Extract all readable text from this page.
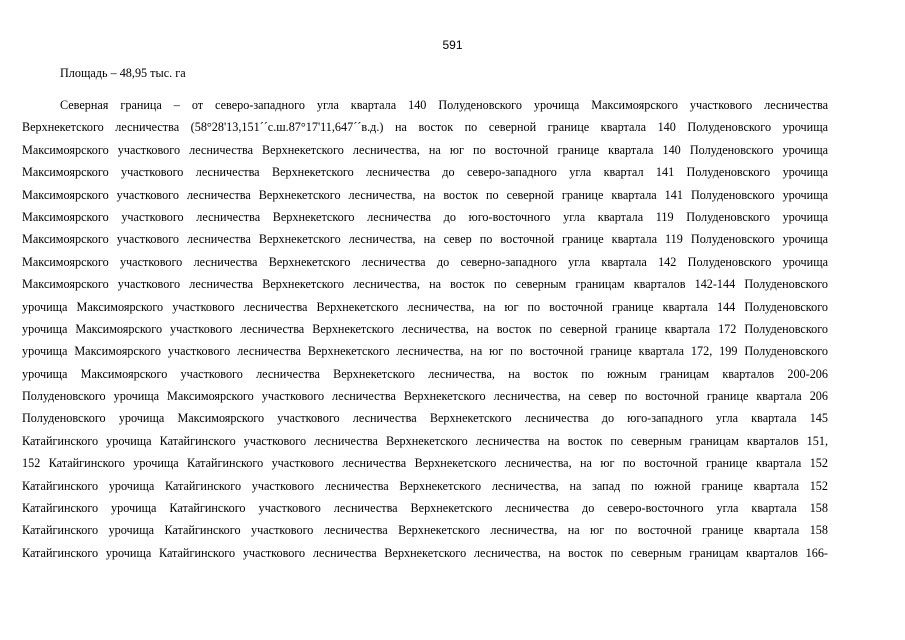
591
Площадь – 48,95 тыс. га
Северная граница – от северо-западного угла квартала 140 Полуденовского урочища Максимоярского участкового лесничества
Верхнекетского лесничества (58°28'13,151´´с.ш.87°17'11,647´´в.д.) на восток по северной границе квартала 140 Полуденовского урочища
Максимоярского участкового лесничества Верхнекетского лесничества, на юг по восточной границе квартала 140 Полуденовского урочища
Максимоярского участкового лесничества Верхнекетского лесничества до северо-западного угла квартал 141 Полуденовского урочища
Максимоярского участкового лесничества Верхнекетского лесничества, на восток по северной границе квартала 141 Полуденовского урочища
Максимоярского участкового лесничества Верхнекетского лесничества до юго-восточного угла квартала 119 Полуденовского урочища
Максимоярского участкового лесничества Верхнекетского лесничества, на север по восточной границе квартала 119 Полуденовского урочища
Максимоярского участкового лесничества Верхнекетского лесничества до северно-западного угла квартала 142 Полуденовского урочища
Максимоярского участкового лесничества Верхнекетского лесничества, на восток по северным границам кварталов 142-144 Полуденовского
урочища Максимоярского участкового лесничества Верхнекетского лесничества, на юг по восточной границе квартала 144 Полуденовского
урочища Максимоярского участкового лесничества Верхнекетского лесничества, на восток по северной границе квартала 172 Полуденовского
урочища Максимоярского участкового лесничества Верхнекетского лесничества, на юг по восточной границе кварталa 172, 199 Полуденовского
урочища Максимоярского участкового лесничества Верхнекетского лесничества, на восток по южным границам кварталов 200-206
Полуденовского урочища Максимоярского участкового лесничества Верхнекетского лесничества, на север по восточной границе квартала 206
Полуденовского урочища Максимоярского участкового лесничества Верхнекетского лесничества до юго-западного угла квартала 145
Катайгинского урочища Катайгинского участкового лесничества Верхнекетского лесничества на восток по северным границам кварталов 151,
152 Катайгинского урочища Катайгинского участкового лесничества Верхнекетского лесничества, на юг по восточной границе квартала 152
Катайгинского урочища Катайгинского участкового лесничества Верхнекетского лесничества, на запад по южной границе квартала 152
Катайгинского урочища Катайгинского участкового лесничества Верхнекетского лесничества до северо-восточного угла квартала 158
Катайгинского урочища Катайгинского участкового лесничества Верхнекетского лесничества, на юг по восточной границе квартала 158
Катайгинского урочища Катайгинского участкового лесничества Верхнекетского лесничества, на восток по северным границам кварталов 166-
